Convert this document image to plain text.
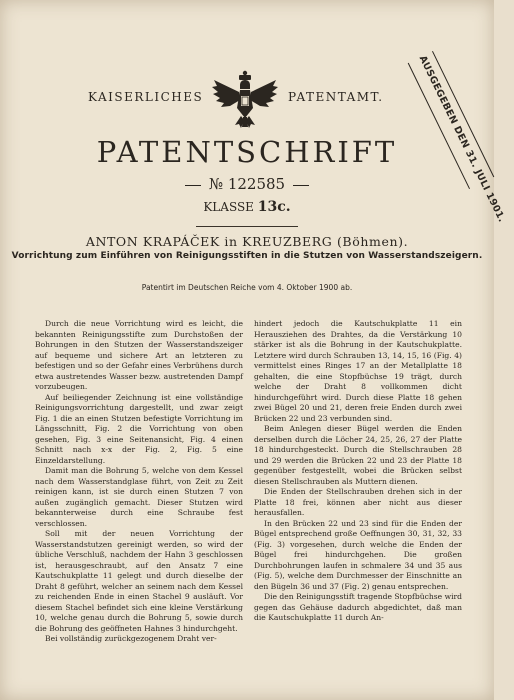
KAISERLICHES	PATENTAMT.
PATENTSCHRIFT
№ 122585
KLASSE 13c.	AUSGEGEBEN DEN 31. JULI 1901.
ANTON KRAPÁČEK in KREUZBERG (Böhmen).
Vorrichtung zum Einführen von Reinigungsstiften in die Stutzen von Wasserstandszeigern.
Patentirt im Deutschen Reiche vom 4. Oktober 1900 ab.

Durch die neue Vorrichtung wird es leicht, die bekannten Reinigungsstifte zum Durchstoßen der Bohrungen in den Stutzen der Wasserstandszeiger auf bequeme und sichere Art an letzteren zu befestigen und so der Gefahr eines Verbrühens durch etwa austretendes Wasser bezw. austretenden Dampf vorzubeugen.

Auf beiliegender Zeichnung ist eine vollständige Reinigungsvorrichtung dargestellt, und zwar zeigt Fig. 1 die an einen Stutzen befestigte Vorrichtung im Längsschnitt, Fig. 2 die Vorrichtung von oben gesehen, Fig. 3 eine Seitenansicht, Fig. 4 einen Schnitt nach x-x der Fig. 2, Fig. 5 eine Einzeldarstellung.

Damit man die Bohrung 5, welche von dem Kessel nach dem Wasserstandglase führt, von Zeit zu Zeit reinigen kann, ist sie durch einen Stutzen 7 von außen zugänglich gemacht. Dieser Stutzen wird bekannterweise durch eine Schraube fest verschlossen.

Soll mit der neuen Vorrichtung der Wasserstandstutzen gereinigt werden, so wird der übliche Verschluß, nachdem der Hahn 3 geschlossen ist, herausgeschraubt, auf den Ansatz 7 eine Kautschukplatte 11 gelegt und durch dieselbe der Draht 8 geführt, welcher an seinem nach dem Kessel zu reichenden Ende in einen Stachel 9 ausläuft. Vor diesem Stachel befindet sich eine kleine Verstärkung 10, welche genau durch die Bohrung 5, sowie durch die Bohrung des geöffneten Hahnes 3 hindurchgeht.

Bei vollständig zurückgezogenem Draht ver-

hindert jedoch die Kautschukplatte 11 ein Herausziehen des Drahtes, da die Verstärkung 10 stärker ist als die Bohrung in der Kautschukplatte. Letztere wird durch Schrauben 13, 14, 15, 16 (Fig. 4) vermittelst eines Ringes 17 an der Metallplatte 18 gehalten, die eine Stopfbüchse 19 trägt, durch welche der Draht 8 vollkommen dicht hindurchgeführt wird. Durch diese Platte 18 gehen zwei Bügel 20 und 21, deren freie Enden durch zwei Brücken 22 und 23 verbunden sind.

Beim Anlegen dieser Bügel werden die Enden derselben durch die Löcher 24, 25, 26, 27 der Platte 18 hindurchgesteckt. Durch die Stellschrauben 28 und 29 werden die Brücken 22 und 23 der Platte 18 gegenüber festgestellt, wobei die Brücken selbst diesen Stellschrauben als Muttern dienen.

Die Enden der Stellschrauben drehen sich in der Platte 18 frei, können aber nicht aus dieser herausfallen.

In den Brücken 22 und 23 sind für die Enden der Bügel entsprechend große Oeffnungen 30, 31, 32, 33 (Fig. 3) vorgesehen, durch welche die Enden der Bügel frei hindurchgehen. Die großen Durchbohrungen laufen in schmalere 34 und 35 aus (Fig. 5), welche dem Durchmesser der Einschnitte an den Bügeln 36 und 37 (Fig. 2) genau entsprechen.

Die den Reinigungsstift tragende Stopfbüchse wird gegen das Gehäuse dadurch abgedichtet, daß man die Kautschukplatte 11 durch An-
